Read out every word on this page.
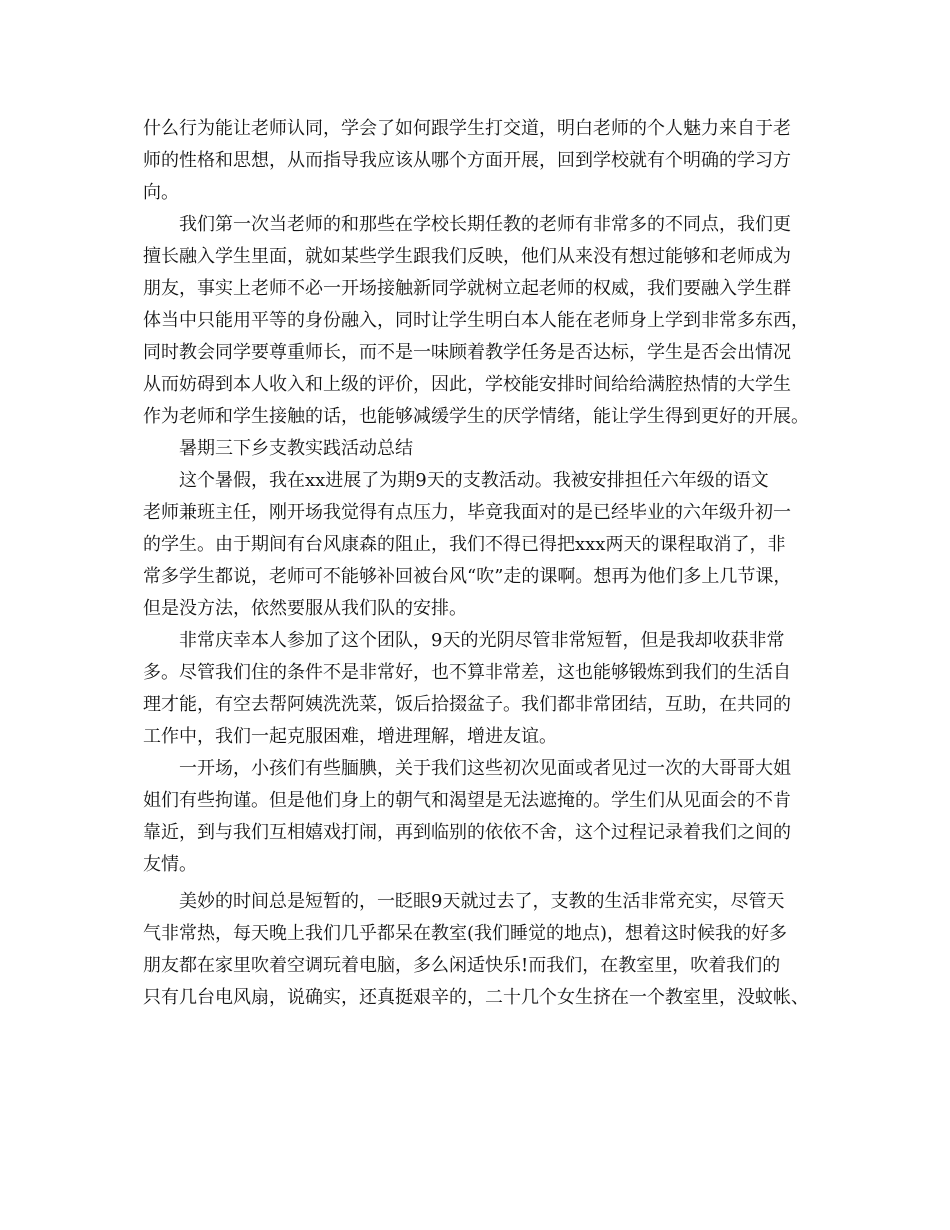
什么行为能让老师认同，学会了如何跟学生打交道，明白老师的个人魅力来自于老
师的性格和思想，从而指导我应该从哪个方面开展，回到学校就有个明确的学习方
向。
　　我们第一次当老师的和那些在学校长期任教的老师有非常多的不同点，我们更
擅长融入学生里面，就如某些学生跟我们反映，他们从来没有想过能够和老师成为
朋友，事实上老师不必一开场接触新同学就树立起老师的权威，我们要融入学生群
体当中只能用平等的身份融入，同时让学生明白本人能在老师身上学到非常多东西，
同时教会同学要尊重师长，而不是一味顾着教学任务是否达标，学生是否会出情况
从而妨碍到本人收入和上级的评价，因此，学校能安排时间给给满腔热情的大学生
作为老师和学生接触的话，也能够减缓学生的厌学情绪，能让学生得到更好的开展。
　　暑期三下乡支教实践活动总结
　　这个暑假，我在xx进展了为期9天的支教活动。我被安排担任六年级的语文
老师兼班主任，刚开场我觉得有点压力，毕竟我面对的是已经毕业的六年级升初一
的学生。由于期间有台风康森的阻止，我们不得已得把xxx两天的课程取消了，非
常多学生都说，老师可不能够补回被台风“吹”走的课啊。想再为他们多上几节课，
但是没方法，依然要服从我们队的安排。
　　非常庆幸本人参加了这个团队，9天的光阴尽管非常短暂，但是我却收获非常
多。尽管我们住的条件不是非常好，也不算非常差，这也能够锻炼到我们的生活自
理才能，有空去帮阿姨洗洗菜，饭后拾掇盆子。我们都非常团结，互助，在共同的
工作中，我们一起克服困难，增进理解，增进友谊。
　　一开场，小孩们有些腼腆，关于我们这些初次见面或者见过一次的大哥哥大姐
姐们有些拘谨。但是他们身上的朝气和渴望是无法遮掩的。学生们从见面会的不肯
靠近，到与我们互相嬉戏打闹，再到临别的依依不舍，这个过程记录着我们之间的
友情。
　　美妙的时间总是短暂的，一眨眼9天就过去了，支教的生活非常充实，尽管天
气非常热，每天晚上我们几乎都呆在教室(我们睡觉的地点)，想着这时候我的好多
朋友都在家里吹着空调玩着电脑，多么闲适快乐!而我们，在教室里，吹着我们的
只有几台电风扇，说确实，还真挺艰辛的，二十几个女生挤在一个教室里，没蚊帐、
